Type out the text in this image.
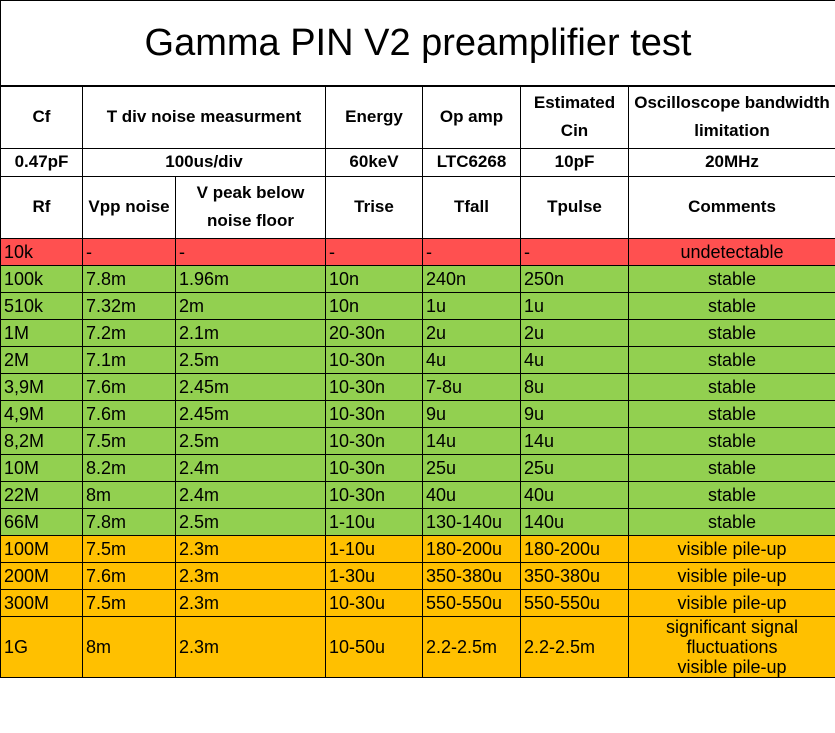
Gamma PIN V2 preamplifier test						
Cf	T div noise measurment		Energy	Op amp	Estimated Cin	Oscilloscope bandwidth limitation
0.47pF	100us/div		60keV	LTC6268	10pF	20MHz
Rf	Vpp noise	V peak below noise floor	Trise	Tfall	Tpulse	Comments
10k	-	-	-	-	-	undetectable
100k	7.8m	1.96m	10n	240n	250n	stable
510k	7.32m	2m	10n	1u	1u	stable
1M	7.2m	2.1m	20-30n	2u	2u	stable
2M	7.1m	2.5m	10-30n	4u	4u	stable
3,9M	7.6m	2.45m	10-30n	7-8u	8u	stable
4,9M	7.6m	2.45m	10-30n	9u	9u	stable
8,2M	7.5m	2.5m	10-30n	14u	14u	stable
10M	8.2m	2.4m	10-30n	25u	25u	stable
22M	8m	2.4m	10-30n	40u	40u	stable
66M	7.8m	2.5m	1-10u	130-140u	140u	stable
100M	7.5m	2.3m	1-10u	180-200u	180-200u	visible pile-up
200M	7.6m	2.3m	1-30u	350-380u	350-380u	visible pile-up
300M	7.5m	2.3m	10-30u	550-550u	550-550u	visible pile-up
1G	8m	2.3m	10-50u	2.2-2.5m	2.2-2.5m	significant signal
fluctuations
visible pile-up
